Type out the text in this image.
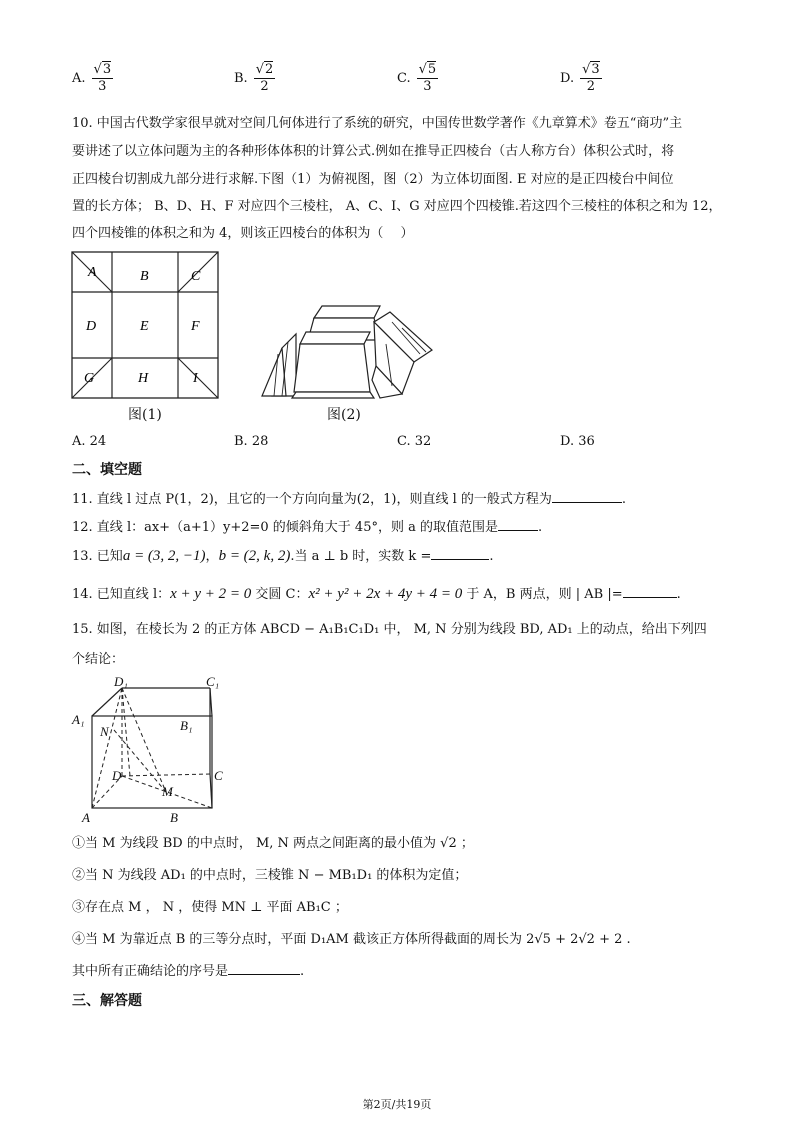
A. $\frac{√3}{3}$	B. $\frac{√2}{2}$	C. $\frac{√5}{3}$	D. $\frac{√3}{2}$
10. 中国古代数学家很早就对空间几何体进行了系统的研究，中国传世数学著作《九章算术》卷五“商功”主
要讲述了以立体问题为主的各种形体体积的计算公式.例如在推导正四棱台（古人称方台）体积公式时，将
正四棱台切割成九部分进行求解.下图（1）为俯视图，图（2）为立体切面图. E 对应的是正四棱台中间位
置的长方体； B、D、H、F 对应四个三棱柱， A、C、I、G 对应四个四棱锥.若这四个三棱柱的体积之和为 12，
四个四棱锥的体积之和为 4，则该正四棱台的体积为（　 ）
A	B	C
D	E	F
G	H	I
图(1)	图(2)
A. 24	B. 28	C. 32	D. 36
二、填空题
11. 直线 l 过点 P(1，2)，且它的一个方向向量为(2，1)，则直线 l 的一般式方程为	.
12. 直线 l：ax+（a+1）y+2=0 的倾斜角大于 45°，则 a 的取值范围是	.
13. 已知a = (3, 2, −1)，b = (2, k, 2).当 a ⊥ b 时，实数 k =	.
14. 已知直线 l：x + y + 2 = 0 交圆 C：x² + y² + 2x + 4y + 4 = 0 于 A，B 两点，则 | AB |=	.
15. 如图，在棱长为 2 的正方体 ABCD − A₁B₁C₁D₁ 中， M, N 分别为线段 BD, AD₁ 上的动点，给出下列四
个结论：
D₁	C₁
A₁	B₁
N
D	C
M
A	B
①当 M 为线段 BD 的中点时， M, N 两点之间距离的最小值为 √2 ；
②当 N 为线段 AD₁ 的中点时，三棱锥 N − MB₁D₁ 的体积为定值；
③存在点 M ， N ，使得 MN ⊥ 平面 AB₁C ；
④当 M 为靠近点 B 的三等分点时，平面 D₁AM 截该正方体所得截面的周长为 2√5 + 2√2 + 2 .
其中所有正确结论的序号是	.
三、解答题
第2页/共19页
